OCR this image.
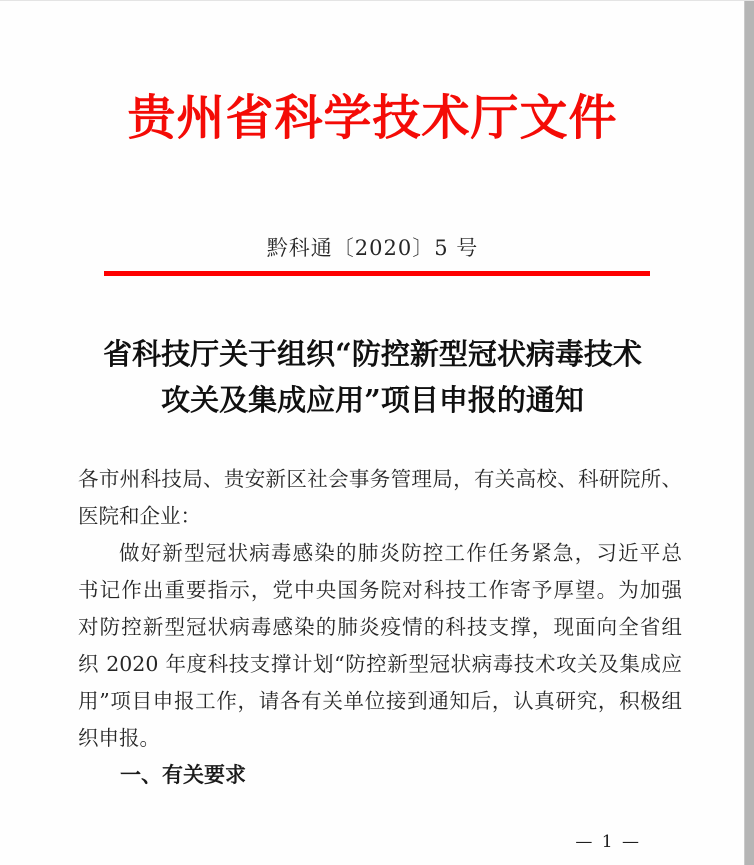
贵州省科学技术厅文件
黔科通〔2020〕5 号
省科技厅关于组织“防控新型冠状病毒技术
攻关及集成应用”项目申报的通知
各市州科技局、贵安新区社会事务管理局，有关高校、科研院所、
医院和企业：
做好新型冠状病毒感染的肺炎防控工作任务紧急，习近平总
书记作出重要指示，党中央国务院对科技工作寄予厚望。为加强
对防控新型冠状病毒感染的肺炎疫情的科技支撑，现面向全省组
织 2020 年度科技支撑计划“防控新型冠状病毒技术攻关及集成应
用”项目申报工作，请各有关单位接到通知后，认真研究，积极组
织申报。
一、有关要求
— 1 —
